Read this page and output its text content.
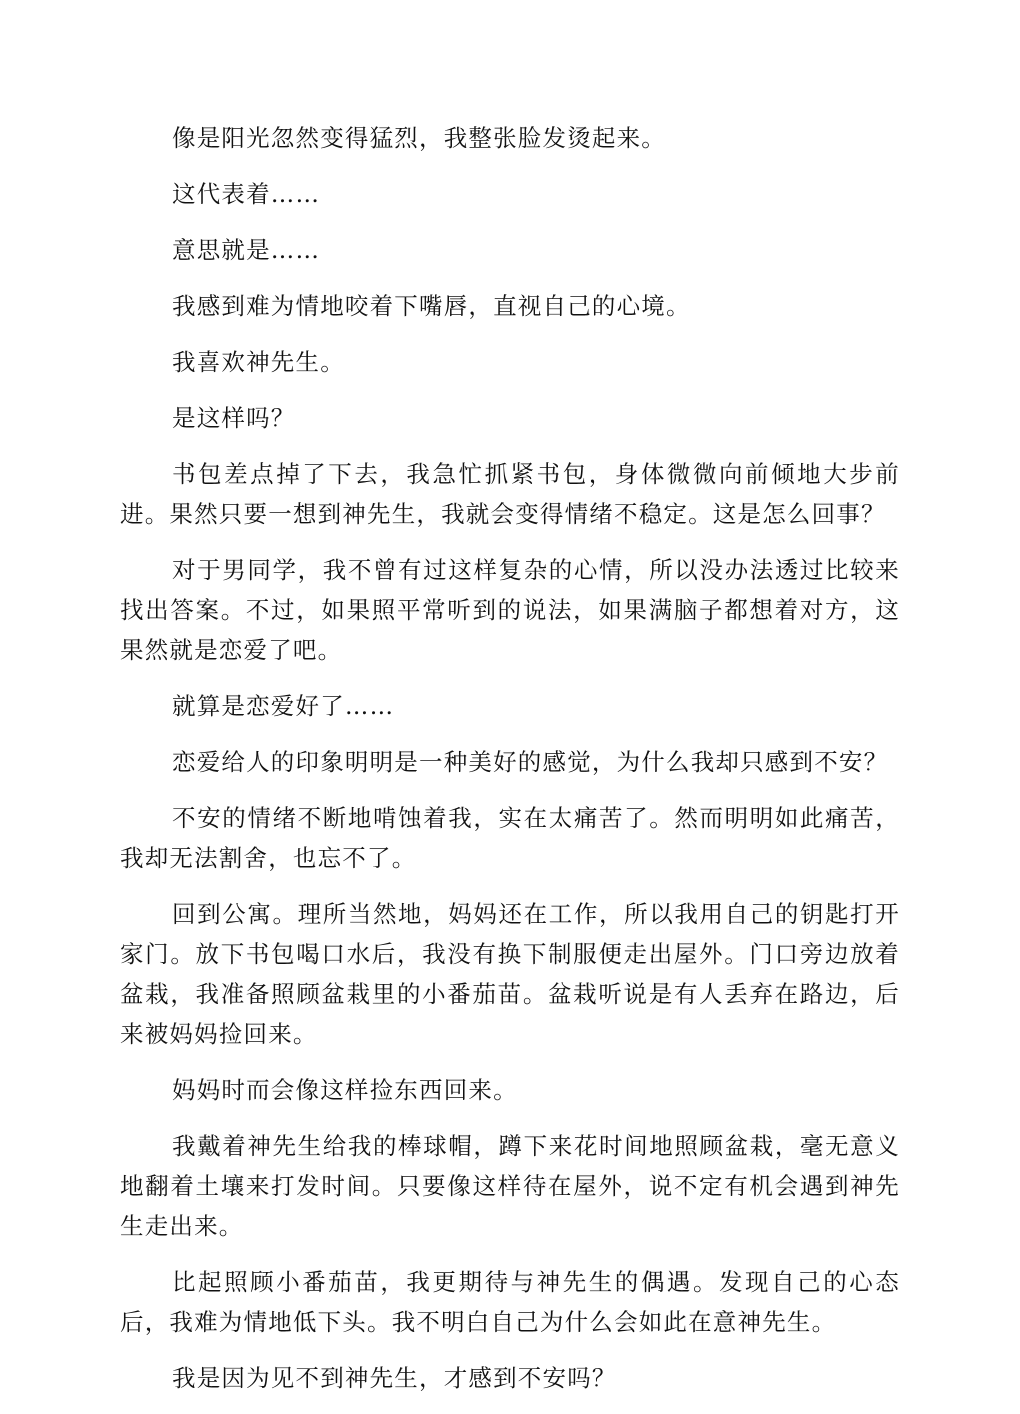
像是阳光忽然变得猛烈，我整张脸发烫起来。

这代表着……

意思就是……

我感到难为情地咬着下嘴唇，直视自己的心境。

我喜欢神先生。

是这样吗？

书包差点掉了下去，我急忙抓紧书包，身体微微向前倾地大步前进。果然只要一想到神先生，我就会变得情绪不稳定。这是怎么回事？

对于男同学，我不曾有过这样复杂的心情，所以没办法透过比较来找出答案。不过，如果照平常听到的说法，如果满脑子都想着对方，这果然就是恋爱了吧。

就算是恋爱好了……

恋爱给人的印象明明是一种美好的感觉，为什么我却只感到不安？

不安的情绪不断地啃蚀着我，实在太痛苦了。然而明明如此痛苦，我却无法割舍，也忘不了。

回到公寓。理所当然地，妈妈还在工作，所以我用自己的钥匙打开家门。放下书包喝口水后，我没有换下制服便走出屋外。门口旁边放着盆栽，我准备照顾盆栽里的小番茄苗。盆栽听说是有人丢弃在路边，后来被妈妈捡回来。

妈妈时而会像这样捡东西回来。

我戴着神先生给我的棒球帽，蹲下来花时间地照顾盆栽，毫无意义地翻着土壤来打发时间。只要像这样待在屋外，说不定有机会遇到神先生走出来。

比起照顾小番茄苗，我更期待与神先生的偶遇。发现自己的心态后，我难为情地低下头。我不明白自己为什么会如此在意神先生。

我是因为见不到神先生，才感到不安吗？
